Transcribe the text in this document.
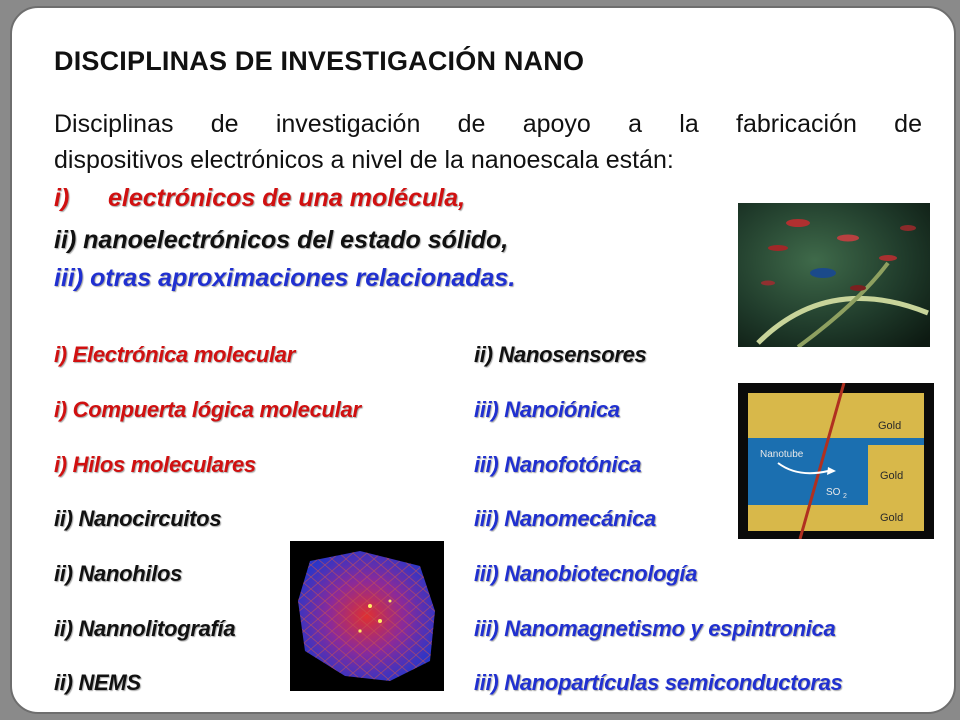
DISCIPLINAS DE INVESTIGACIÓN NANO
Disciplinas de investigación de apoyo a la fabricación de
dispositivos electrónicos a nivel de la nanoescala están:
i) electrónicos de una molécula,
ii) nanoelectrónicos del estado sólido,
iii) otras aproximaciones relacionadas.
i) Electrónica molecular
i) Compuerta lógica molecular
i) Hilos moleculares
ii) Nanocircuitos
ii) Nanohilos
ii) Nannolitografía
ii) NEMS
ii) Nanosensores
iii) Nanoiónica
iii) Nanofotónica
iii) Nanomecánica
iii) Nanobiotecnología
iii) Nanomagnetismo y espintronica
iii) Nanopartículas semiconductoras
Gold
Gold
Gold
Nanotube
SO 2
